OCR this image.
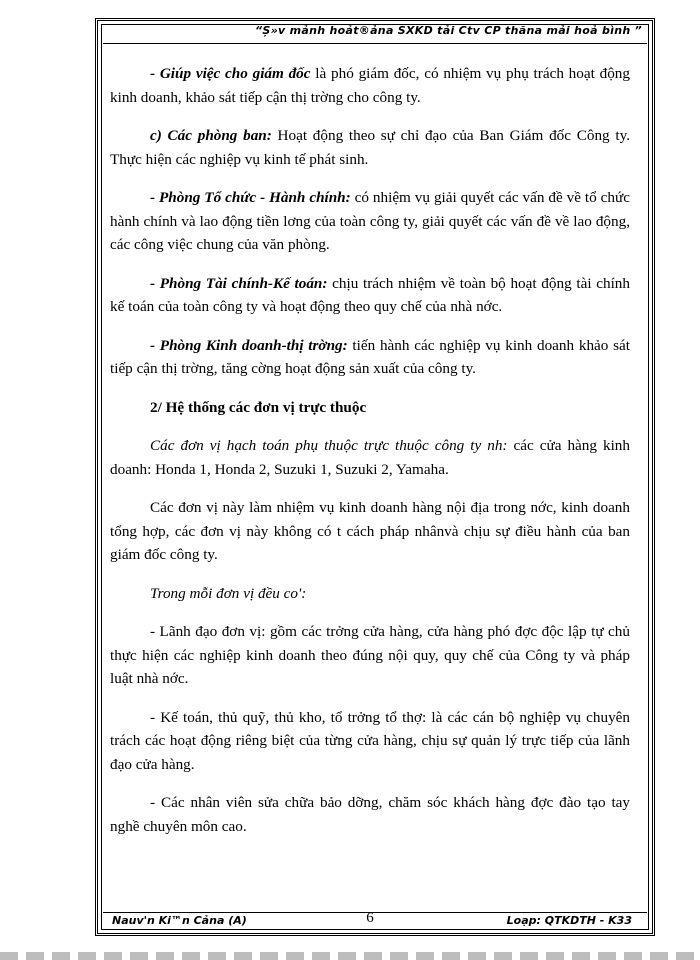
“Ș»v mảnh hoảt®ảna SXKD tải Ctv CP thăna mải hoả bình ”

- Giúp việc cho giám đốc là phó giám đốc, có nhiệm vụ phụ trách hoạt động kinh doanh, khảo sát tiếp cận thị trờng cho công ty.

c) Các phòng ban: Hoạt động theo sự chỉ đạo của Ban Giám đốc Công ty. Thực hiện các nghiệp vụ kinh tế phát sinh.

- Phòng Tổ chức - Hành chính: có nhiệm vụ giải quyết các vấn đề về tổ chức hành chính và lao động tiền lơng của toàn công ty, giải quyết các vấn đề về lao động, các công việc chung của văn phòng.

- Phòng Tài chính-Kế toán: chịu trách nhiệm về toàn bộ hoạt động tài chính kế toán của toàn công ty và hoạt động theo quy chế của nhà nớc.

- Phòng Kinh doanh-thị trờng: tiến hành các nghiệp vụ kinh doanh khảo sát tiếp cận thị trờng, tăng cờng hoạt động sản xuất của công ty.

2/ Hệ thống các đơn vị trực thuộc

Các đơn vị hạch toán phụ thuộc trực thuộc công ty nh: các cửa hàng kinh doanh: Honda 1, Honda 2, Suzuki 1, Suzuki 2, Yamaha.

Các đơn vị này làm nhiệm vụ kinh doanh hàng nội địa trong nớc, kinh doanh tổng hợp, các đơn vị này không có t cách pháp nhânvà chịu sự điều hành của ban giám đốc công ty.

Trong mỗi đơn vị đều co':

- Lãnh đạo đơn vị: gồm các trởng cửa hàng, cửa hàng phó đợc độc lập tự chủ thực hiện các nghiệp kinh doanh theo đúng nội quy, quy chế của Công ty và pháp luật nhà nớc.

- Kế toán, thủ quỹ, thủ kho, tổ trởng tổ thợ: là các cán bộ nghiệp vụ chuyên trách các hoạt động riêng biệt của từng cửa hàng, chịu sự quản lý trực tiếp của lãnh đạo cửa hàng.

- Các nhân viên sửa chữa bảo dỡng, chăm sóc khách hàng đợc đào tạo tay nghề chuyên môn cao.

Nauv'n Ki™n Cảna (A)	6	Loạp: QTKDTH - K33
